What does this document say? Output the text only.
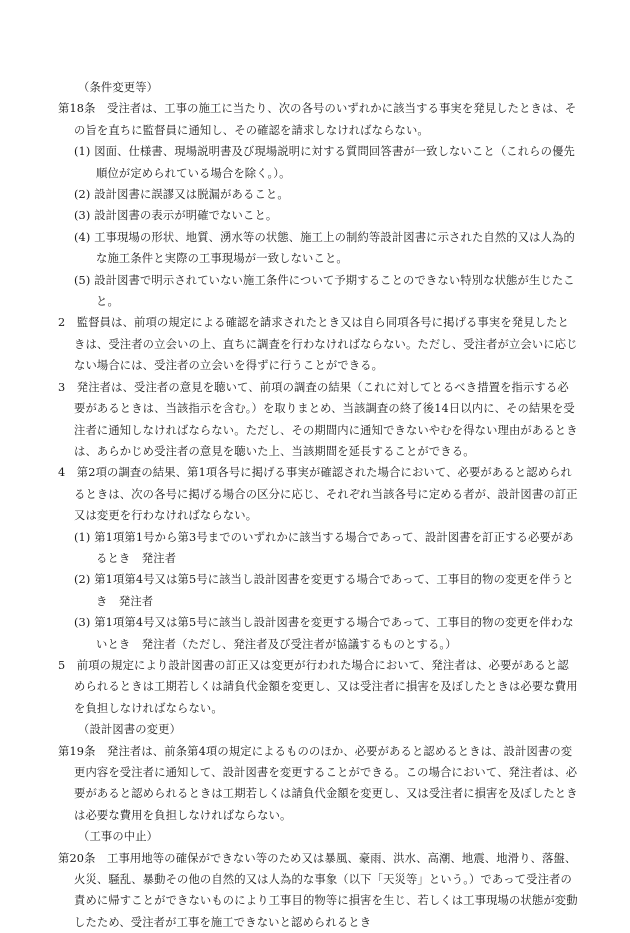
（条件変更等）

第18条　受注者は、工事の施工に当たり、次の各号のいずれかに該当する事実を発見したときは、その旨を直ちに監督員に通知し、その確認を請求しなければならない。

(1) 図面、仕様書、現場説明書及び現場説明に対する質問回答書が一致しないこと（これらの優先順位が定められている場合を除く。）。

(2) 設計図書に誤謬又は脱漏があること。

(3) 設計図書の表示が明確でないこと。

(4) 工事現場の形状、地質、湧水等の状態、施工上の制約等設計図書に示された自然的又は人為的な施工条件と実際の工事現場が一致しないこと。

(5) 設計図書で明示されていない施工条件について予期することのできない特別な状態が生じたこと。

2　監督員は、前項の規定による確認を請求されたとき又は自ら同項各号に掲げる事実を発見したときは、受注者の立会いの上、直ちに調査を行わなければならない。ただし、受注者が立会いに応じない場合には、受注者の立会いを得ずに行うことができる。

3　発注者は、受注者の意見を聴いて、前項の調査の結果（これに対してとるべき措置を指示する必要があるときは、当該指示を含む。）を取りまとめ、当該調査の終了後14日以内に、その結果を受注者に通知しなければならない。ただし、その期間内に通知できないやむを得ない理由があるときは、あらかじめ受注者の意見を聴いた上、当該期間を延長することができる。

4　第2項の調査の結果、第1項各号に掲げる事実が確認された場合において、必要があると認められるときは、次の各号に掲げる場合の区分に応じ、それぞれ当該各号に定める者が、設計図書の訂正又は変更を行わなければならない。

(1) 第1項第1号から第3号までのいずれかに該当する場合であって、設計図書を訂正する必要があるとき　発注者

(2) 第1項第4号又は第5号に該当し設計図書を変更する場合であって、工事目的物の変更を伴うとき　発注者

(3) 第1項第4号又は第5号に該当し設計図書を変更する場合であって、工事目的物の変更を伴わないとき　発注者（ただし、発注者及び受注者が協議するものとする。）

5　前項の規定により設計図書の訂正又は変更が行われた場合において、発注者は、必要があると認められるときは工期若しくは請負代金額を変更し、又は受注者に損害を及ぼしたときは必要な費用を負担しなければならない。

（設計図書の変更）

第19条　発注者は、前条第4項の規定によるもののほか、必要があると認めるときは、設計図書の変更内容を受注者に通知して、設計図書を変更することができる。この場合において、発注者は、必要があると認められるときは工期若しくは請負代金額を変更し、又は受注者に損害を及ぼしたときは必要な費用を負担しなければならない。

（工事の中止）

第20条　工事用地等の確保ができない等のため又は暴風、豪雨、洪水、高潮、地震、地滑り、落盤、火災、騒乱、暴動その他の自然的又は人為的な事象（以下「天災等」という。）であって受注者の責めに帰すことができないものにより工事目的物等に損害を生じ、若しくは工事現場の状態が変動したため、受注者が工事を施工できないと認められるとき
